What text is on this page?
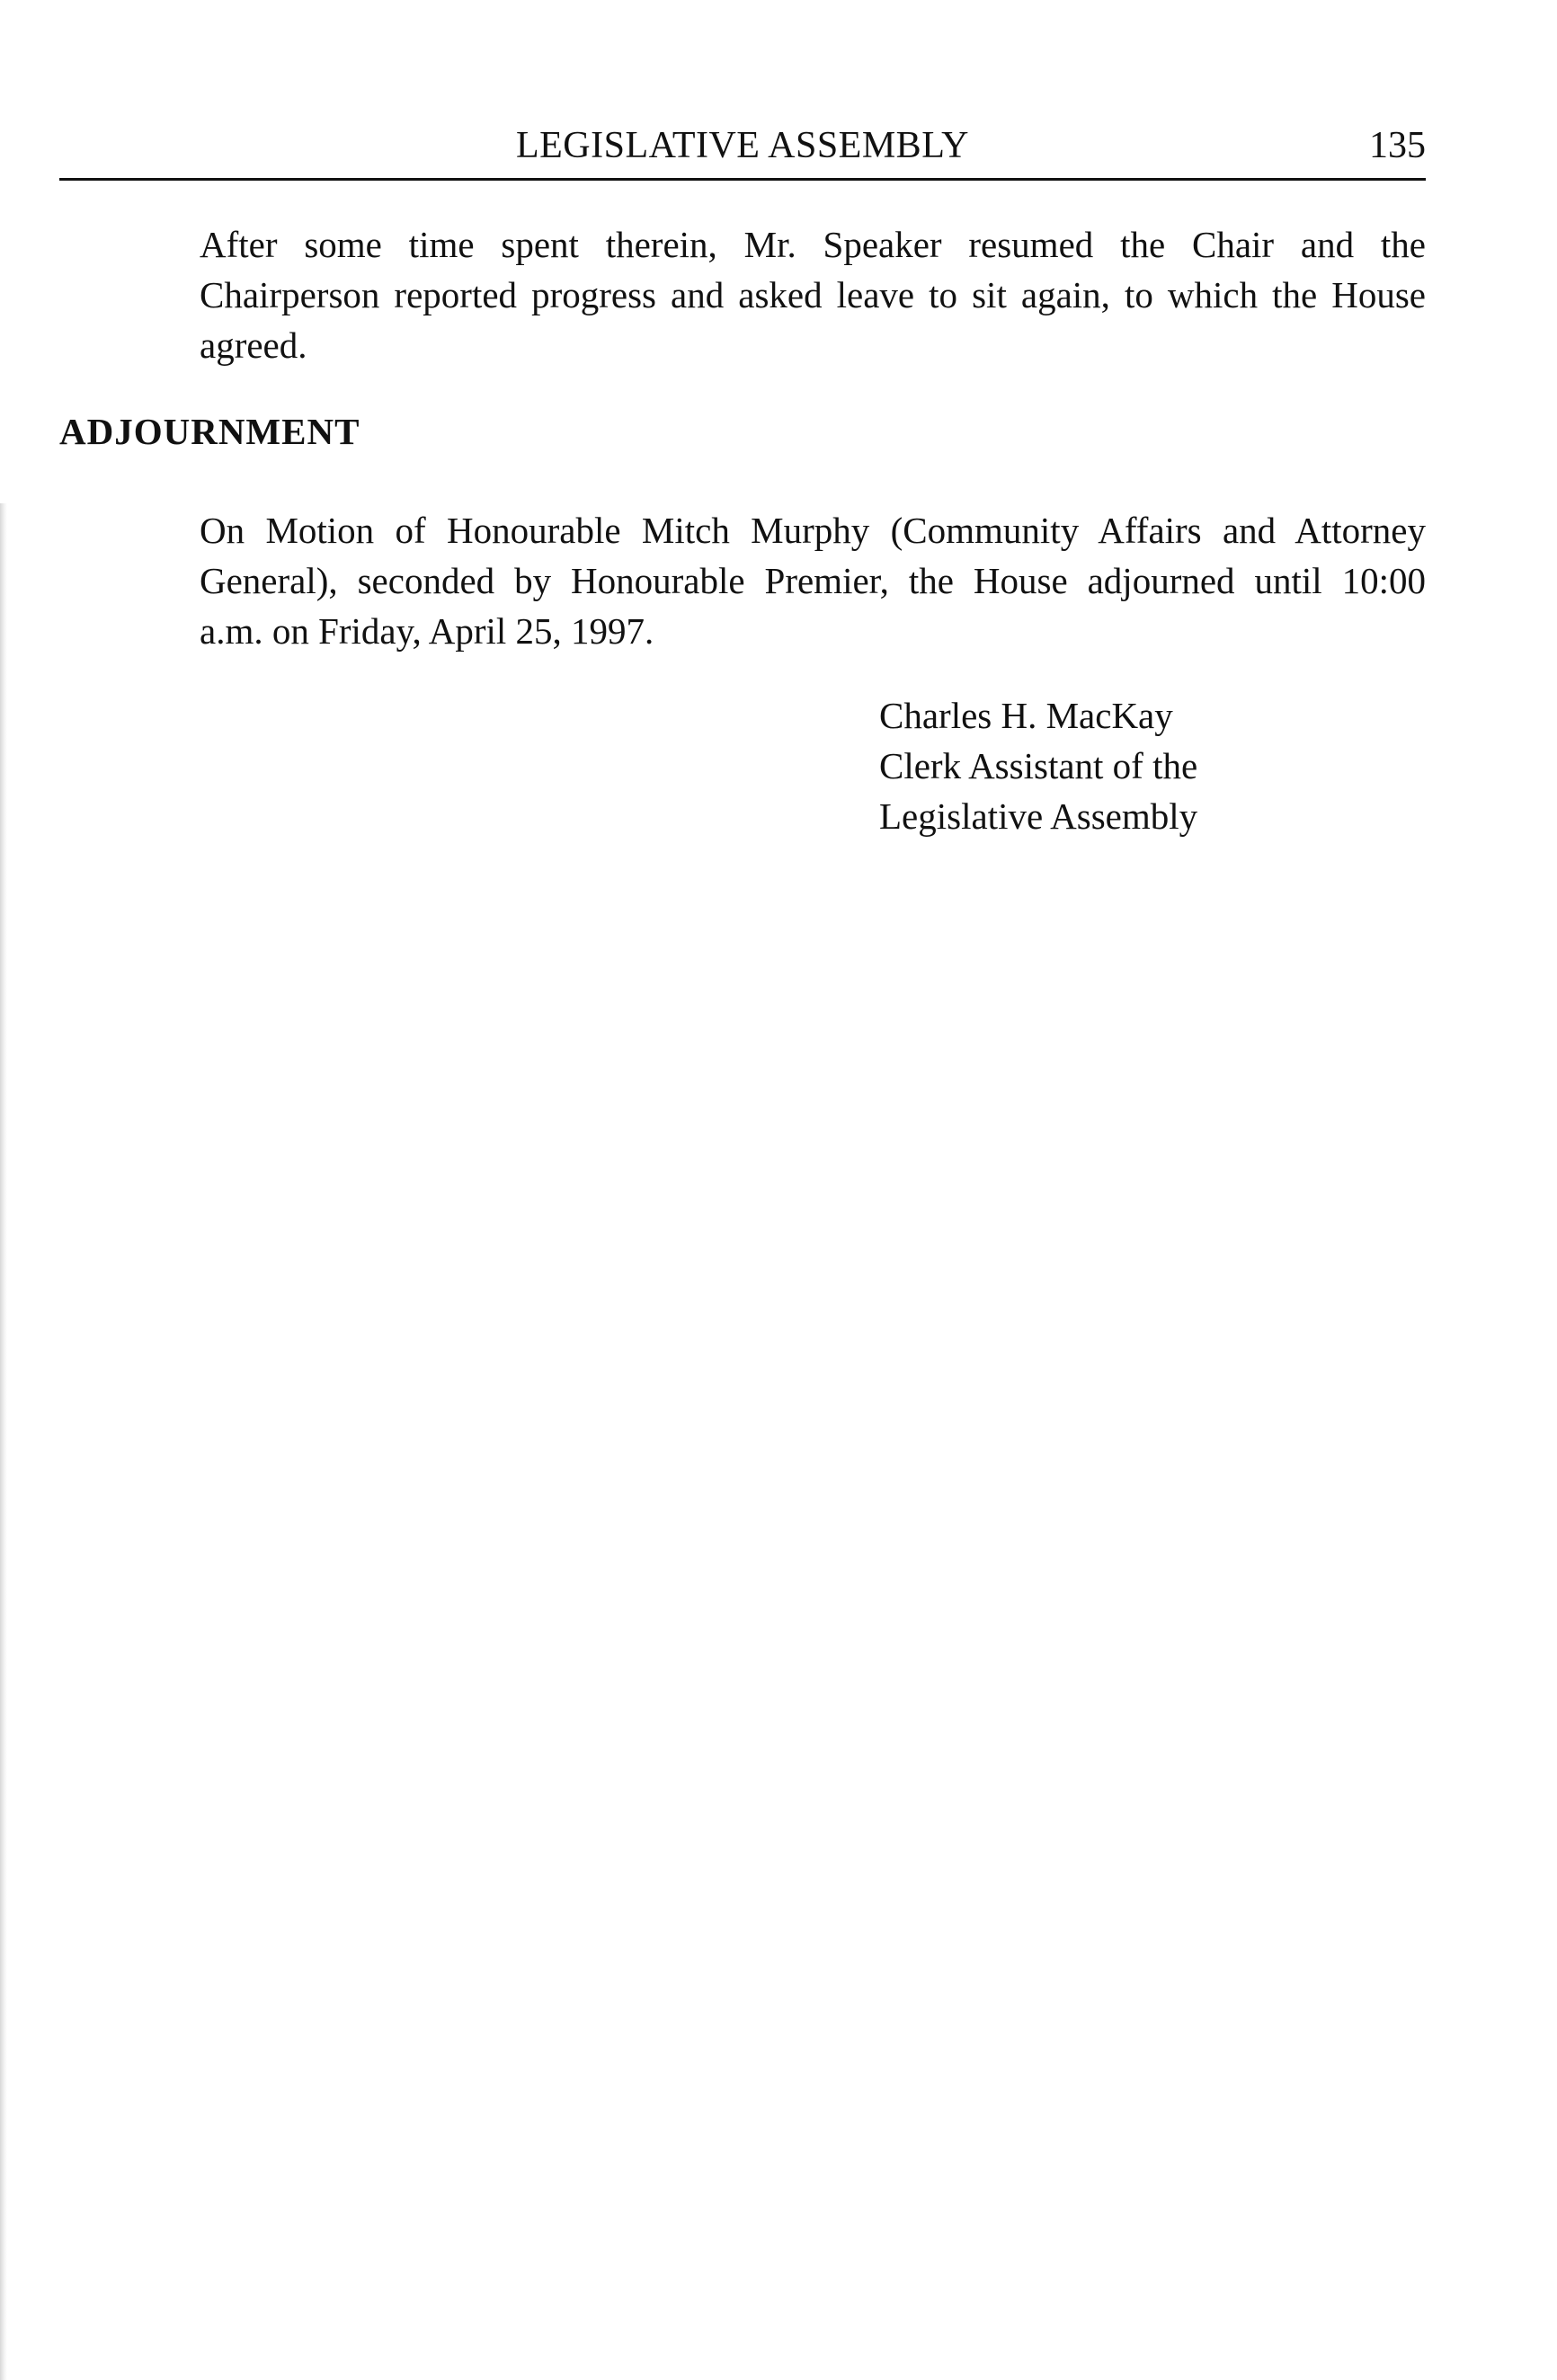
LEGISLATIVE ASSEMBLY	135
After some time spent therein, Mr. Speaker resumed the Chair and the
Chairperson reported progress and asked leave to sit again, to which the House
agreed.
ADJOURNMENT
On Motion of Honourable Mitch Murphy (Community Affairs and Attorney
General), seconded by Honourable Premier, the House adjourned until 10:00
a.m. on Friday, April 25, 1997.
Charles H. MacKay
Clerk Assistant of the
Legislative Assembly
